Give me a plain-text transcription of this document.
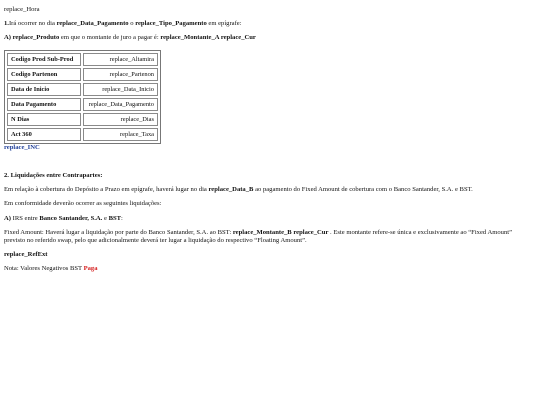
replace_Hora
1.Irá ocorrer no dia replace_Data_Pagamento o replace_Tipo_Pagamento em epígrafe:
A) replace_Produto em que o montante de juro a pagar é: replace_Montante_A replace_Cur
Codigo Prod Sub-Prod	replace_Altamira
Codigo Partenon	replace_Partenon
Data de Inicio	replace_Data_Inicio
Data Pagamento	replace_Data_Pagamento
N Dias	replace_Dias
Act 360	replace_Taxa
replace_INC
2. Liquidações entre Contrapartes:
Em relação à cobertura do Depósito a Prazo em epígrafe, haverá lugar no dia replace_Data_B ao pagamento do Fixed Amount de cobertura com o Banco Santander, S.A. e BST.
Em conformidade deverão ocorrer as seguintes liquidações:
A) IRS entre Banco Santander, S.A. e BST:
Fixed Amount: Haverá lugar a liquidação por parte do Banco Santander, S.A. ao BST: replace_Montante_B replace_Cur . Este montante refere-se única e exclusivamente ao “Fixed Amount” previsto no referido swap, pelo que adicionalmente deverá ter lugar a liquidação do respectivo “Floating Amount”.
replace_RefExt
Nota: Valores Negativos BST Paga
